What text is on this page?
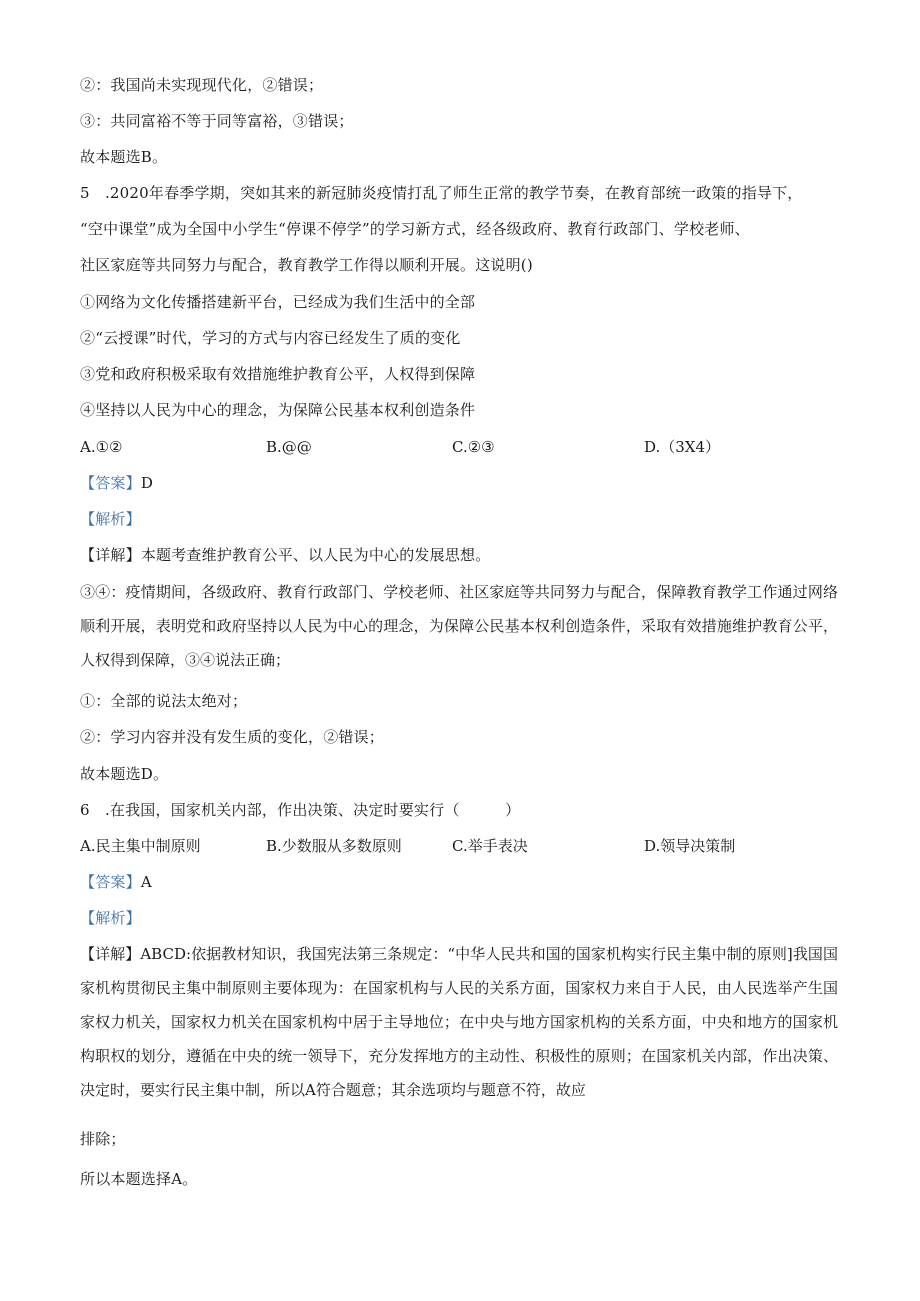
②：我国尚未实现现代化，②错误；
③：共同富裕不等于同等富裕，③错误；
故本题选B。
5　.2020年春季学期，突如其来的新冠肺炎疫情打乱了师生正常的教学节奏，在教育部统一政策的指导下，
“空中课堂”成为全国中小学生“停课不停学”的学习新方式，经各级政府、教育行政部门、学校老师、
社区家庭等共同努力与配合，教育教学工作得以顺利开展。这说明()
①网络为文化传播搭建新平台，已经成为我们生活中的全部
②“云授课”时代，学习的方式与内容已经发生了质的变化
③党和政府积极采取有效措施维护教育公平，人权得到保障
④坚持以人民为中心的理念，为保障公民基本权利创造条件
A.①②	B.@@	C.②③	D.（3X4）
【答案】D
【解析】
【详解】本题考查维护教育公平、以人民为中心的发展思想。
③④：疫情期间，各级政府、教育行政部门、学校老师、社区家庭等共同努力与配合，保障教育教学工作通过网络顺利开展，表明党和政府坚持以人民为中心的理念，为保障公民基本权利创造条件，采取有效措施维护教育公平，人权得到保障，③④说法正确；
①：全部的说法太绝对；
②：学习内容并没有发生质的变化，②错误；
故本题选D。
6　.在我国，国家机关内部，作出决策、决定时要实行（　　　）
A.民主集中制原则	B.少数服从多数原则	C.举手表决	D.领导决策制
【答案】A
【解析】
【详解】ABCD:依据教材知识，我国宪法第三条规定：“中华人民共和国的国家机构实行民主集中制的原则]我国国家机构贯彻民主集中制原则主要体现为：在国家机构与人民的关系方面，国家权力来自于人民，由人民选举产生国家权力机关，国家权力机关在国家机构中居于主导地位；在中央与地方国家机构的关系方面，中央和地方的国家机构职权的划分，遵循在中央的统一领导下，充分发挥地方的主动性、积极性的原则；在国家机关内部，作出决策、决定时，要实行民主集中制，所以A符合题意；其余选项均与题意不符，故应
排除；
所以本题选择A。
